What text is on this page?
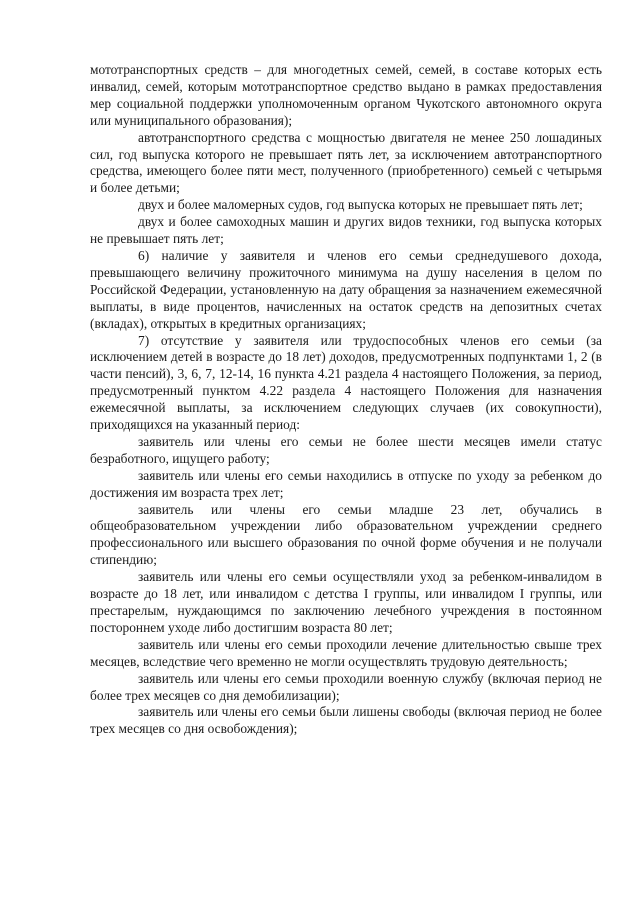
мототранспортных средств – для многодетных семей, семей, в составе которых есть инвалид, семей, которым мототранспортное средство выдано в рамках предоставления мер социальной поддержки уполномоченным органом Чукотского автономного округа или муниципального образования);

автотранспортного средства с мощностью двигателя не менее 250 лошадиных сил, год выпуска которого не превышает пять лет, за исключением автотранспортного средства, имеющего более пяти мест, полученного (приобретенного) семьей с четырьмя и более детьми;

двух и более маломерных судов, год выпуска которых не превышает пять лет;

двух и более самоходных машин и других видов техники, год выпуска которых не превышает пять лет;

6) наличие у заявителя и членов его семьи среднедушевого дохода, превышающего величину прожиточного минимума на душу населения в целом по Российской Федерации, установленную на дату обращения за назначением ежемесячной выплаты, в виде процентов, начисленных на остаток средств на депозитных счетах (вкладах), открытых в кредитных организациях;

7) отсутствие у заявителя или трудоспособных членов его семьи (за исключением детей в возрасте до 18 лет) доходов, предусмотренных подпунктами 1, 2 (в части пенсий), 3, 6, 7, 12-14, 16 пункта 4.21 раздела 4 настоящего Положения, за период, предусмотренный пунктом 4.22 раздела 4 настоящего Положения для назначения ежемесячной выплаты, за исключением следующих случаев (их совокупности), приходящихся на указанный период:

заявитель или члены его семьи не более шести месяцев имели статус безработного, ищущего работу;

заявитель или члены его семьи находились в отпуске по уходу за ребенком до достижения им возраста трех лет;

заявитель или члены его семьи младше 23 лет, обучались в общеобразовательном учреждении либо образовательном учреждении среднего профессионального или высшего образования по очной форме обучения и не получали стипендию;

заявитель или члены его семьи осуществляли уход за ребенком-инвалидом в возрасте до 18 лет, или инвалидом с детства I группы, или инвалидом I группы, или престарелым, нуждающимся по заключению лечебного учреждения в постоянном постороннем уходе либо достигшим возраста 80 лет;

заявитель или члены его семьи проходили лечение длительностью свыше трех месяцев, вследствие чего временно не могли осуществлять трудовую деятельность;

заявитель или члены его семьи проходили военную службу (включая период не более трех месяцев со дня демобилизации);

заявитель или члены его семьи были лишены свободы (включая период не более трех месяцев со дня освобождения);
